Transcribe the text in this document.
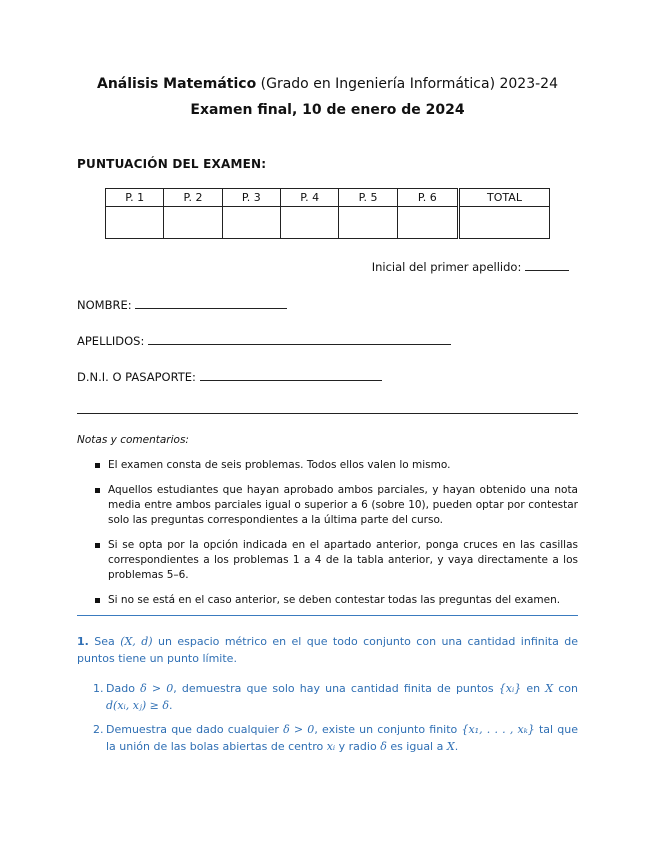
Análisis Matemático (Grado en Ingeniería Informática) 2023-24
Examen final, 10 de enero de 2024
PUNTUACIÓN DEL EXAMEN:
P. 1	P. 2	P. 3	P. 4	P. 5	P. 6	TOTAL

Inicial del primer apellido:
NOMBRE:
APELLIDOS:
D.N.I. O PASAPORTE:
Notas y comentarios:
El examen consta de seis problemas. Todos ellos valen lo mismo.
Aquellos estudiantes que hayan aprobado ambos parciales, y hayan obtenido una nota media entre ambos parciales igual o superior a 6 (sobre 10), pueden optar por contestar solo las preguntas correspondientes a la última parte del curso.
Si se opta por la opción indicada en el apartado anterior, ponga cruces en las casillas correspondientes a los problemas 1 a 4 de la tabla anterior, y vaya directamente a los problemas 5–6.
Si no se está en el caso anterior, se deben contestar todas las preguntas del examen.
1. Sea (X, d) un espacio métrico en el que todo conjunto con una cantidad infinita de puntos tiene un punto límite.
1. Dado δ > 0, demuestra que solo hay una cantidad finita de puntos {xᵢ} en X con d(xᵢ, xⱼ) ≥ δ.
2. Demuestra que dado cualquier δ > 0, existe un conjunto finito {x₁, . . . , xₖ} tal que la unión de las bolas abiertas de centro xᵢ y radio δ es igual a X.
